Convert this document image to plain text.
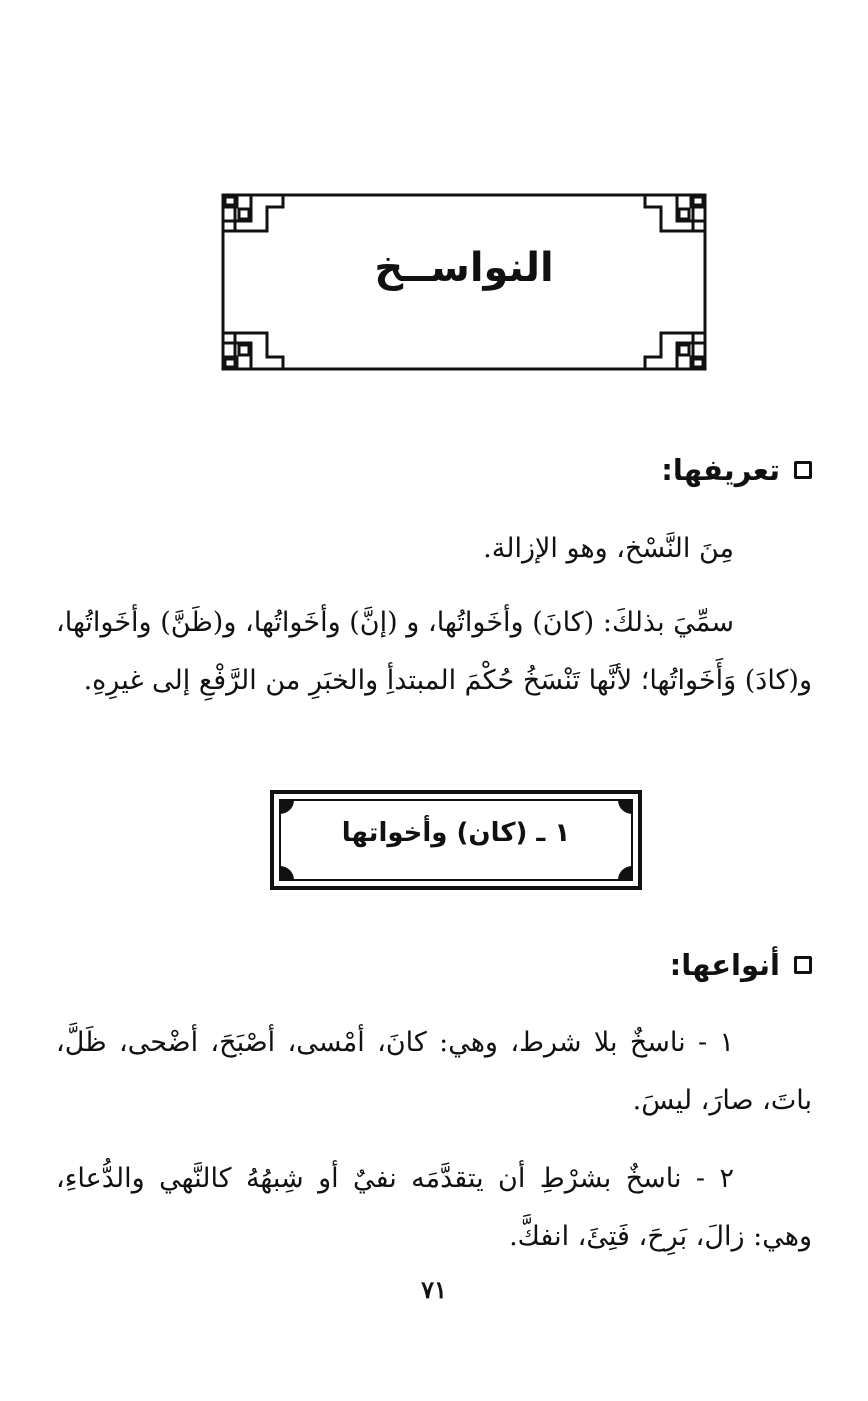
النواســخ
تعريفها:
مِنَ النَّسْخ، وهو الإزالة.
سمِّيَ بذلكَ: (كانَ) وأخَواتُها، و (إنَّ) وأخَواتُها، و(ظَنَّ) وأخَواتُها، و(كادَ) وَأَخَواتُها؛ لأنَّها تَنْسَخُ حُكْمَ المبتدأِ والخبَرِ من الرَّفْعِ إلى غيرِهِ.
١ ـ (كان) وأخواتها
أنواعها:
١ - ناسخٌ بلا شرط، وهي: كانَ، أمْسى، أصْبَحَ، أضْحى، ظَلَّ، باتَ، صارَ، ليسَ.
٢ - ناسخٌ بشرْطِ أن يتقدَّمَه نفيٌ أو شِبهُهُ كالنَّهي والدُّعاءِ، وهي: زالَ، بَرِحَ، فَتِئَ، انفكَّ.
٧١
